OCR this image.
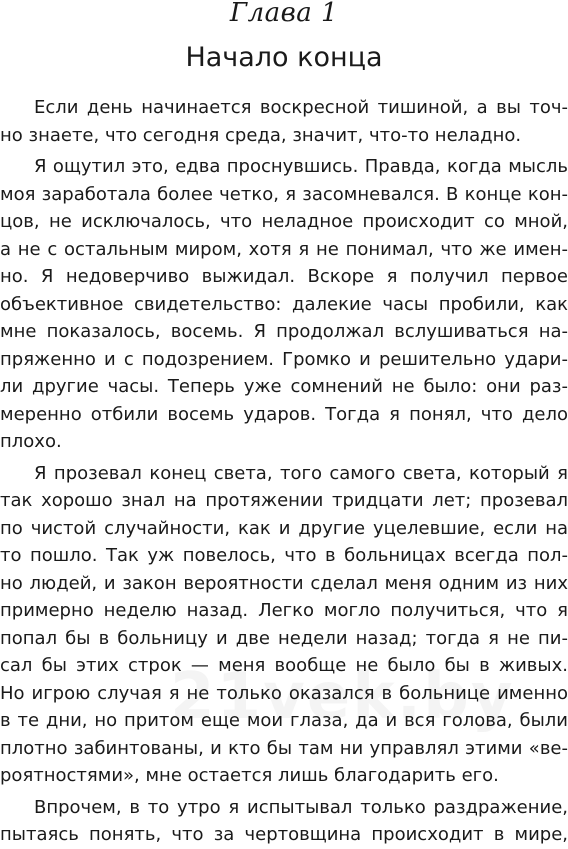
Глава 1
Начало конца
Если день начинается воскресной тишиной, а вы точ-
но знаете, что сегодня среда, значит, что-то неладно.
Я ощутил это, едва проснувшись. Правда, когда мысль
моя заработала более четко, я засомневался. В конце кон-
цов, не исключалось, что неладное происходит со мной,
а не с остальным миром, хотя я не понимал, что же имен-
но. Я недоверчиво выжидал. Вскоре я получил первое
объективное свидетельство: далекие часы пробили, как
мне показалось, восемь. Я продолжал вслушиваться на-
пряженно и с подозрением. Громко и решительно удари-
ли другие часы. Теперь уже сомнений не было: они раз-
меренно отбили восемь ударов. Тогда я понял, что дело
плохо.
Я прозевал конец света, того самого света, который я
так хорошо знал на протяжении тридцати лет; прозевал
по чистой случайности, как и другие уцелевшие, если на
то пошло. Так уж повелось, что в больницах всегда пол-
но людей, и закон вероятности сделал меня одним из них
примерно неделю назад. Легко могло получиться, что я
попал бы в больницу и две недели назад; тогда я не пи-
сал бы этих строк — меня вообще не было бы в живых.
Но игрою случая я не только оказался в больнице именно
в те дни, но притом еще мои глаза, да и вся голова, были
плотно забинтованы, и кто бы там ни управлял этими «ве-
роятностями», мне остается лишь благодарить его.
Впрочем, в то утро я испытывал только раздражение,
пытаясь понять, что за чертовщина происходит в мире,
